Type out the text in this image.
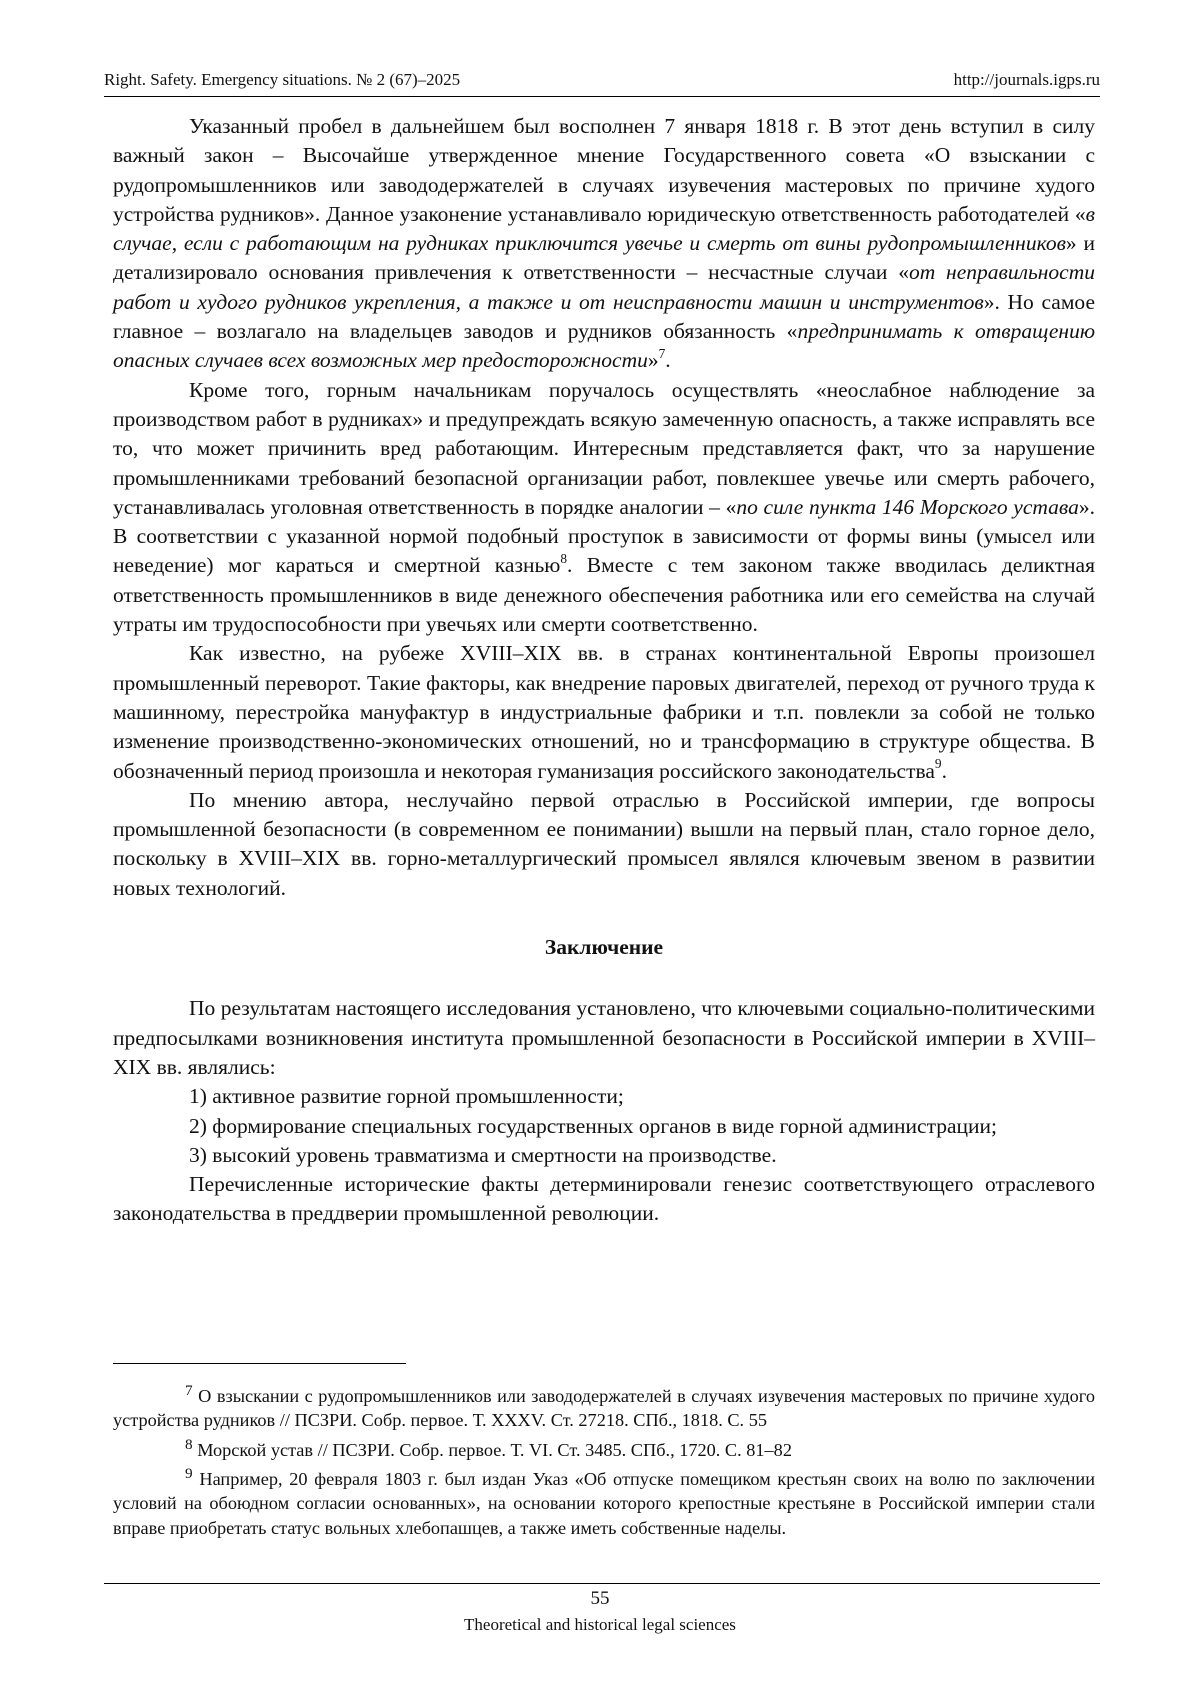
Right. Safety. Emergency situations. № 2 (67)–2025	http://journals.igps.ru

Указанный пробел в дальнейшем был восполнен 7 января 1818 г. В этот день вступил в силу важный закон – Высочайше утвержденное мнение Государственного совета «О взыскании с рудопромышленников или завододержателей в случаях изувечения мастеровых по причине худого устройства рудников». Данное узаконение устанавливало юридическую ответственность работодателей «в случае, если с работающим на рудниках приключится увечье и смерть от вины рудопромышленников» и детализировало основания привлечения к ответственности – несчастные случаи «от неправильности работ и худого рудников укрепления, а также и от неисправности машин и инструментов». Но самое главное – возлагало на владельцев заводов и рудников обязанность «предпринимать к отвращению опасных случаев всех возможных мер предосторожности»$^7$.

Кроме того, горным начальникам поручалось осуществлять «неослабное наблюдение за производством работ в рудниках» и предупреждать всякую замеченную опасность, а также исправлять все то, что может причинить вред работающим. Интересным представляется факт, что за нарушение промышленниками требований безопасной организации работ, повлекшее увечье или смерть рабочего, устанавливалась уголовная ответственность в порядке аналогии – «по силе пункта 146 Морского устава». В соответствии с указанной нормой подобный проступок в зависимости от формы вины (умысел или неведение) мог караться и смертной казнью$^8$. Вместе с тем законом также вводилась деликтная ответственность промышленников в виде денежного обеспечения работника или его семейства на случай утраты им трудоспособности при увечьях или смерти соответственно.

Как известно, на рубеже XVIII–XIX вв. в странах континентальной Европы произошел промышленный переворот. Такие факторы, как внедрение паровых двигателей, переход от ручного труда к машинному, перестройка мануфактур в индустриальные фабрики и т.п. повлекли за собой не только изменение производственно-экономических отношений, но и трансформацию в структуре общества. В обозначенный период произошла и некоторая гуманизация российского законодательства$^9$.

По мнению автора, неслучайно первой отраслью в Российской империи, где вопросы промышленной безопасности (в современном ее понимании) вышли на первый план, стало горное дело, поскольку в XVIII–XIX вв. горно-металлургический промысел являлся ключевым звеном в развитии новых технологий.

Заключение

По результатам настоящего исследования установлено, что ключевыми социально-политическими предпосылками возникновения института промышленной безопасности в Российской империи в XVIII–XIX вв. являлись:

1) активное развитие горной промышленности;

2) формирование специальных государственных органов в виде горной администрации;

3) высокий уровень травматизма и смертности на производстве.

Перечисленные исторические факты детерминировали генезис соответствующего отраслевого законодательства в преддверии промышленной революции.

$^7$ О взыскании с рудопромышленников или завододержателей в случаях изувечения мастеровых по причине худого устройства рудников // ПСЗРИ. Собр. первое. Т. XXXV. Ст. 27218. СПб., 1818. С. 55

$^8$ Морской устав // ПСЗРИ. Собр. первое. Т. VI. Ст. 3485. СПб., 1720. С. 81–82

$^9$ Например, 20 февраля 1803 г. был издан Указ «Об отпуске помещиком крестьян своих на волю по заключении условий на обоюдном согласии основанных», на основании которого крепостные крестьяне в Российской империи стали вправе приобретать статус вольных хлебопашцев, а также иметь собственные наделы.

55
Theoretical and historical legal sciences
